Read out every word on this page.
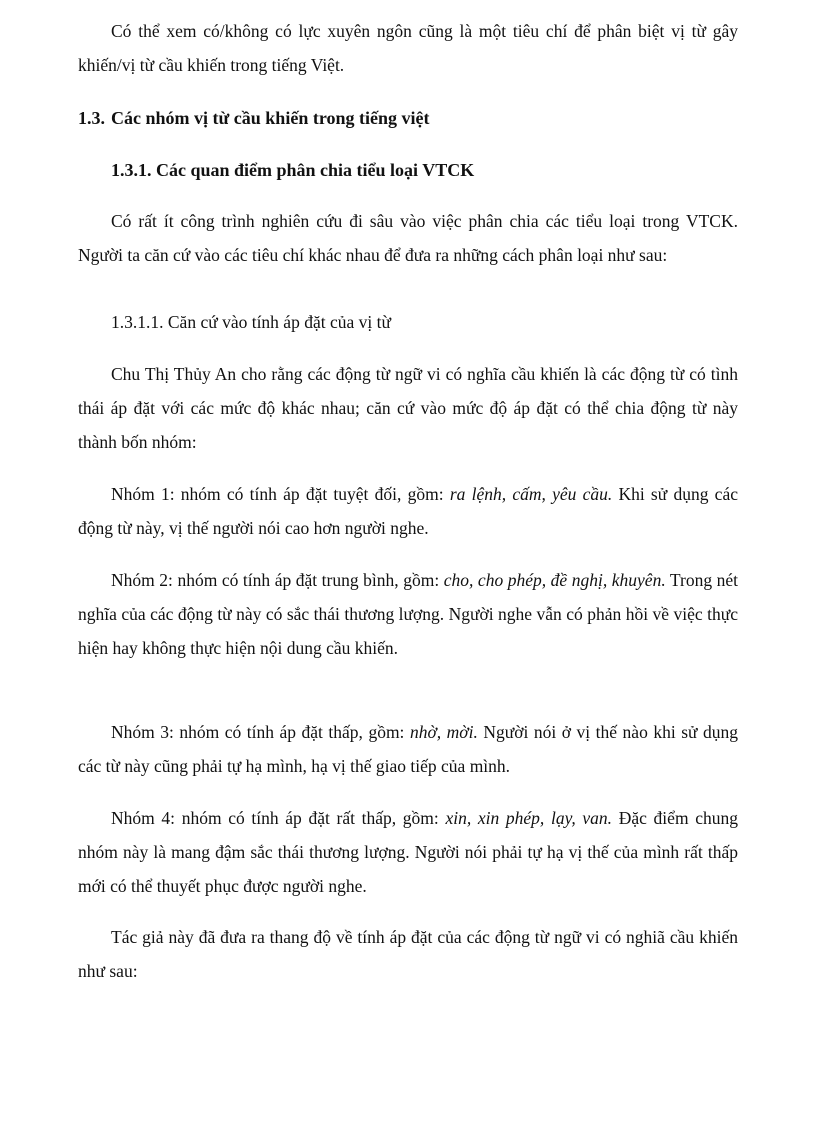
Có thể xem có/không có lực xuyên ngôn cũng là một tiêu chí để phân biệt vị từ gây khiến/vị từ cầu khiến trong tiếng Việt.

1.3. Các nhóm vị từ cầu khiến trong tiếng việt
1.3.1. Các quan điểm phân chia tiểu loại VTCK

Có rất ít công trình nghiên cứu đi sâu vào việc phân chia các tiểu loại trong VTCK. Người ta căn cứ vào các tiêu chí khác nhau để đưa ra những cách phân loại như sau:

1.3.1.1. Căn cứ vào tính áp đặt của vị từ

Chu Thị Thủy An cho rằng các động từ ngữ vi có nghĩa cầu khiến là các động từ có tình thái áp đặt với các mức độ khác nhau; căn cứ vào mức độ áp đặt có thể chia động từ này thành bốn nhóm:

Nhóm 1: nhóm có tính áp đặt tuyệt đối, gồm: ra lệnh, cấm, yêu cầu. Khi sử dụng các động từ này, vị thế người nói cao hơn người nghe.

Nhóm 2: nhóm có tính áp đặt trung bình, gồm: cho, cho phép, đề nghị, khuyên. Trong nét nghĩa của các động từ này có sắc thái thương lượng. Người nghe vẫn có phản hồi về việc thực hiện hay không thực hiện nội dung cầu khiến.

Nhóm 3: nhóm có tính áp đặt thấp, gồm: nhờ, mời. Người nói ở vị thế nào khi sử dụng các từ này cũng phải tự hạ mình, hạ vị thế giao tiếp của mình.

Nhóm 4: nhóm có tính áp đặt rất thấp, gồm: xin, xin phép, lạy, van. Đặc điểm chung nhóm này là mang đậm sắc thái thương lượng. Người nói phải tự hạ vị thế của mình rất thấp mới có thể thuyết phục được người nghe.

Tác giả này đã đưa ra thang độ về tính áp đặt của các động từ ngữ vi có nghiã cầu khiến như sau:
